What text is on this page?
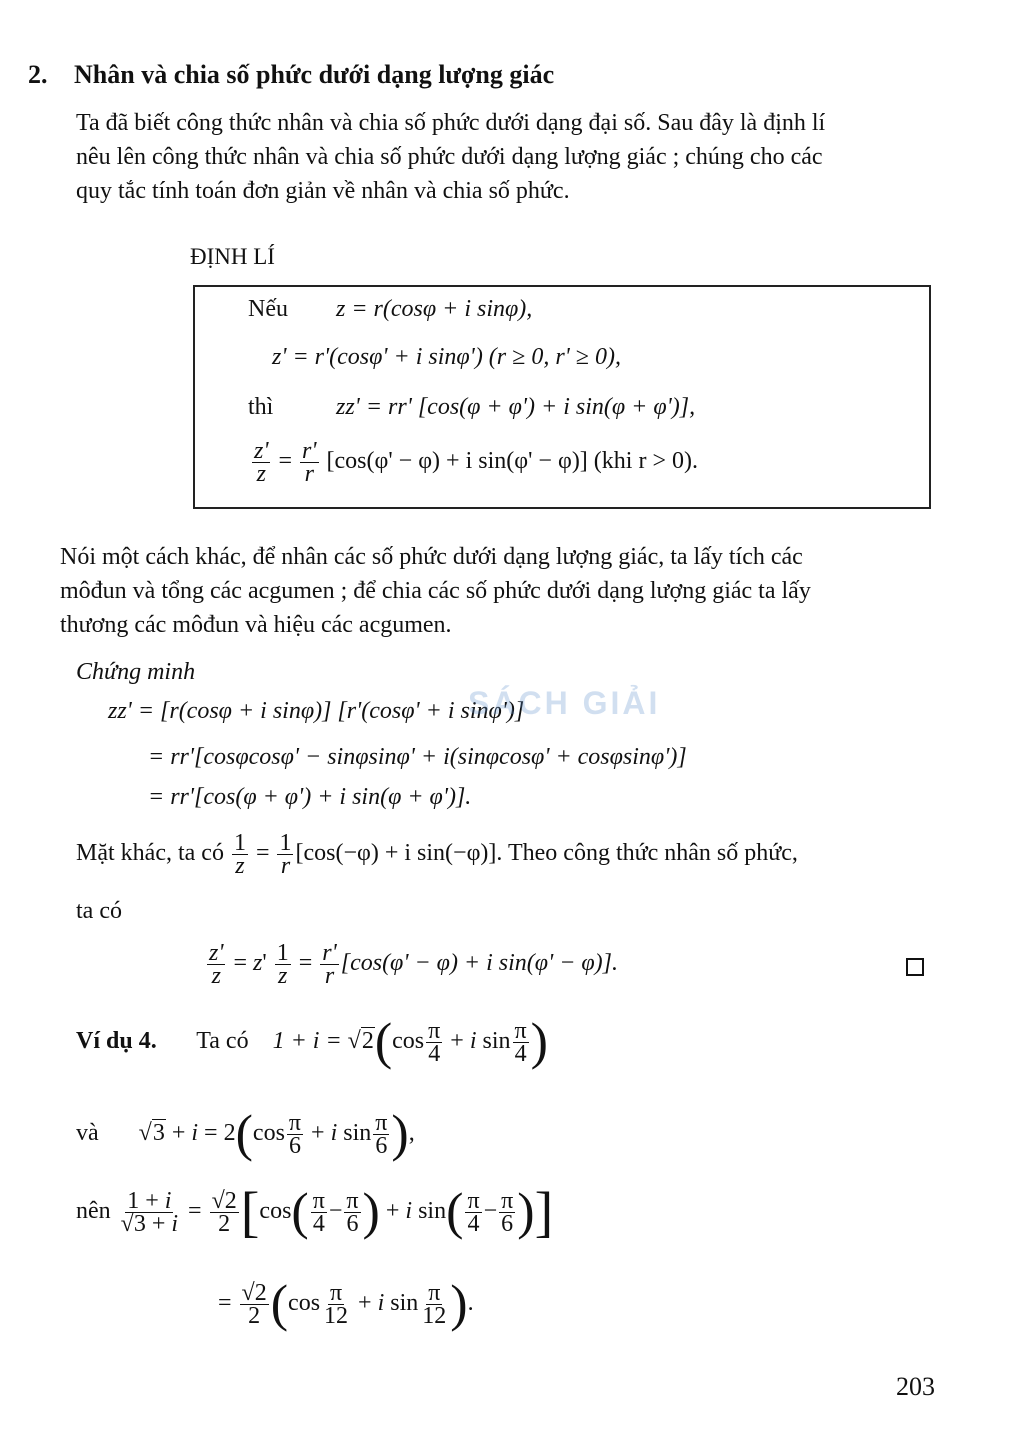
2. Nhân và chia số phức dưới dạng lượng giác
Ta đã biết công thức nhân và chia số phức dưới dạng đại số. Sau đây là định lí
nêu lên công thức nhân và chia số phức dưới dạng lượng giác ; chúng cho các
quy tắc tính toán đơn giản về nhân và chia số phức.
ĐỊNH LÍ
Nếu z = r(cosφ + i sinφ),
z' = r'(cosφ' + i sinφ') (r ≥ 0, r' ≥ 0),
thì	zz' = rr' [cos(φ + φ') + i sin(φ + φ')],
$\frac{z'}{z} = \frac{r'}{r} [\cos(\varphi' - \varphi) + i$ sin(φ' − φ)] (khi r > 0).
Nói một cách khác, để nhân các số phức dưới dạng lượng giác, ta lấy tích các
môđun và tổng các acgumen ; để chia các số phức dưới dạng lượng giác ta lấy
thương các môđun và hiệu các acgumen.
Chứng minh
zz' = [r(cosφ + i sinφ)] [r'(cosφ' + i sinφ')]
= rr'[cosφcosφ' − sinφsinφ' + i(sinφcosφ' + cosφsinφ')]
= rr'[cos(φ + φ') + i sin(φ + φ')].
SÁCH GIẢI
Mặt khác, ta có $\frac{1}{z} = \frac{1}{r} [\cos(-\varphi) + i$ sin(−φ)]. Theo công thức nhân số phức,
ta có
$\frac{z'}{z} = z' \frac{1}{z} = \frac{r'}{r} [\cos(\varphi' - \varphi) + i$ sin(φ' − φ)].
Ví dụ 4. Ta có $1 + i = √2(\cos \frac{\pi}{4} + i$ $\sin \frac{\pi}{4}$ )
và $√3 + i = 2(\cos \frac{\pi}{6} + i$ $\sin \frac{\pi}{6}$ ),
nên $\frac{1 + i}{√3 + i} = \frac{√2}{2} [\cos( \frac{\pi}{4} - \frac{\pi}{6}$ ) + i $\sin( \frac{\pi}{4} - \frac{\pi}{6}$ )]
= $\frac{√2}{2} (\cos \frac{\pi}{12} + i$ $\sin \frac{\pi}{12}$ ).
203
